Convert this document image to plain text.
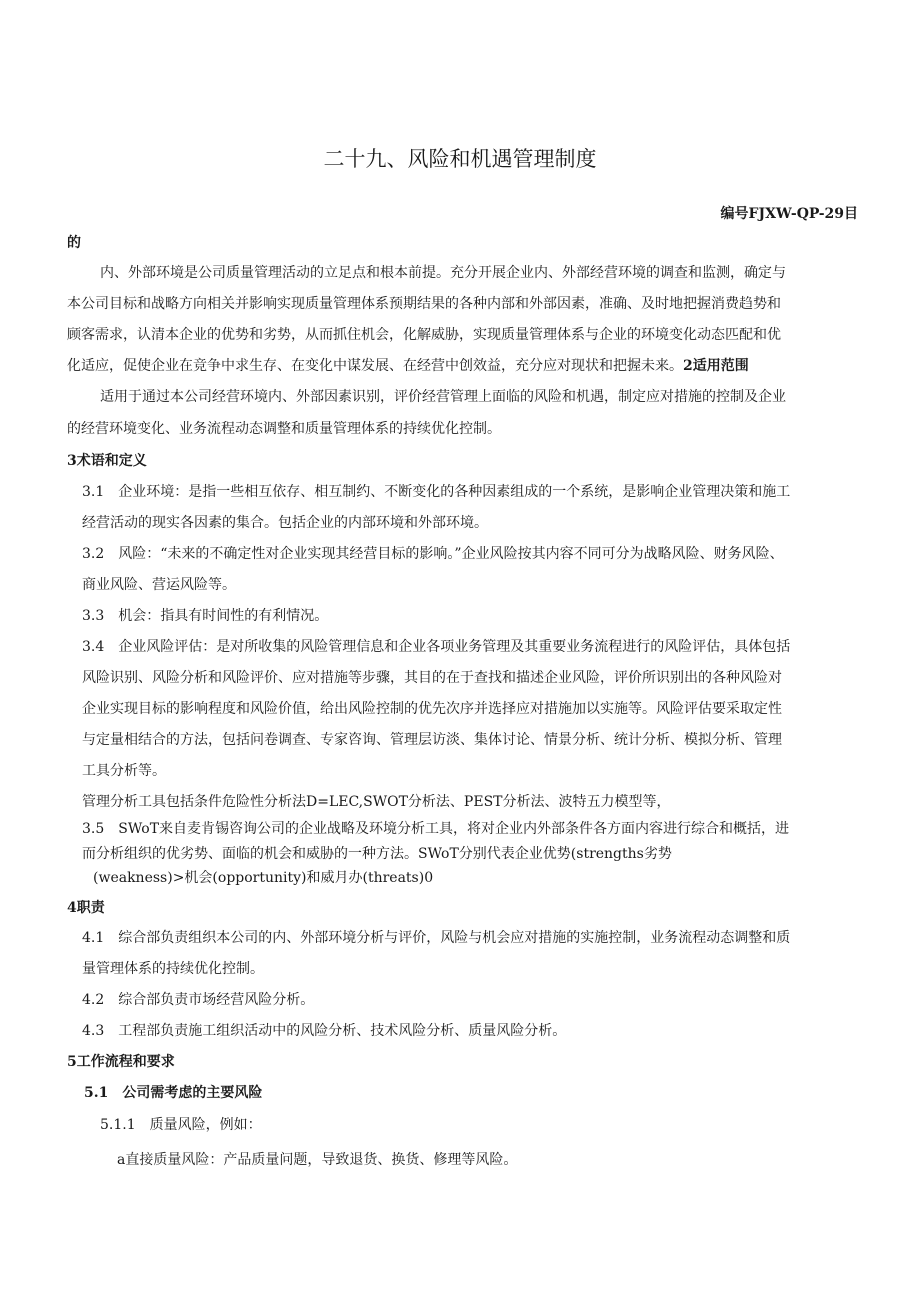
二十九、风险和机遇管理制度
编号FJXW-QP-29目
的
内、外部环境是公司质量管理活动的立足点和根本前提。充分开展企业内、外部经营环境的调查和监测，确定与
本公司目标和战略方向相关并影响实现质量管理体系预期结果的各种内部和外部因素，准确、及时地把握消费趋势和
顾客需求，认清本企业的优势和劣势，从而抓住机会，化解威胁，实现质量管理体系与企业的环境变化动态匹配和优
化适应，促使企业在竞争中求生存、在变化中谋发展、在经营中创效益，充分应对现状和把握未来。2适用范围
适用于通过本公司经营环境内、外部因素识别，评价经营管理上面临的风险和机遇，制定应对措施的控制及企业
的经营环境变化、业务流程动态调整和质量管理体系的持续优化控制。
3术语和定义
3.1　企业环境：是指一些相互依存、相互制约、不断变化的各种因素组成的一个系统，是影响企业管理决策和施工
经营活动的现实各因素的集合。包括企业的内部环境和外部环境。
3.2　风险：“未来的不确定性对企业实现其经营目标的影响。”企业风险按其内容不同可分为战略风险、财务风险、
商业风险、营运风险等。
3.3　机会：指具有时间性的有利情况。
3.4　企业风险评估：是对所收集的风险管理信息和企业各项业务管理及其重要业务流程进行的风险评估，具体包括
风险识别、风险分析和风险评价、应对措施等步骤，其目的在于查找和描述企业风险，评价所识别出的各种风险对
企业实现目标的影响程度和风险价值，给出风险控制的优先次序并选择应对措施加以实施等。风险评估要采取定性
与定量相结合的方法，包括问卷调查、专家咨询、管理层访淡、集体讨论、情景分析、统计分析、模拟分析、管理
工具分析等。
管理分析工具包括条件危险性分析法D=LEC,SWOT分析法、PEST分析法、波特五力模型等，
3.5　SWoT来自麦肯锡咨询公司的企业战略及环境分析工具，将对企业内外部条件各方面内容进行综合和概括，进
而分析组织的优劣势、面临的机会和威胁的一种方法。SWoT分别代表企业优势(strengths劣势
(weakness)>机会(opportunity)和威月办(threats)0
4职责
4.1　综合部负责组织本公司的内、外部环境分析与评价，风险与机会应对措施的实施控制，业务流程动态调整和质
量管理体系的持续优化控制。
4.2　综合部负责市场经营风险分析。
4.3　工程部负责施工组织活动中的风险分析、技术风险分析、质量风险分析。
5工作流程和要求
5.1　公司需考虑的主要风险
5.1.1　质量风险，例如：
a直接质量风险：产品质量问题，导致退货、换货、修理等风险。
